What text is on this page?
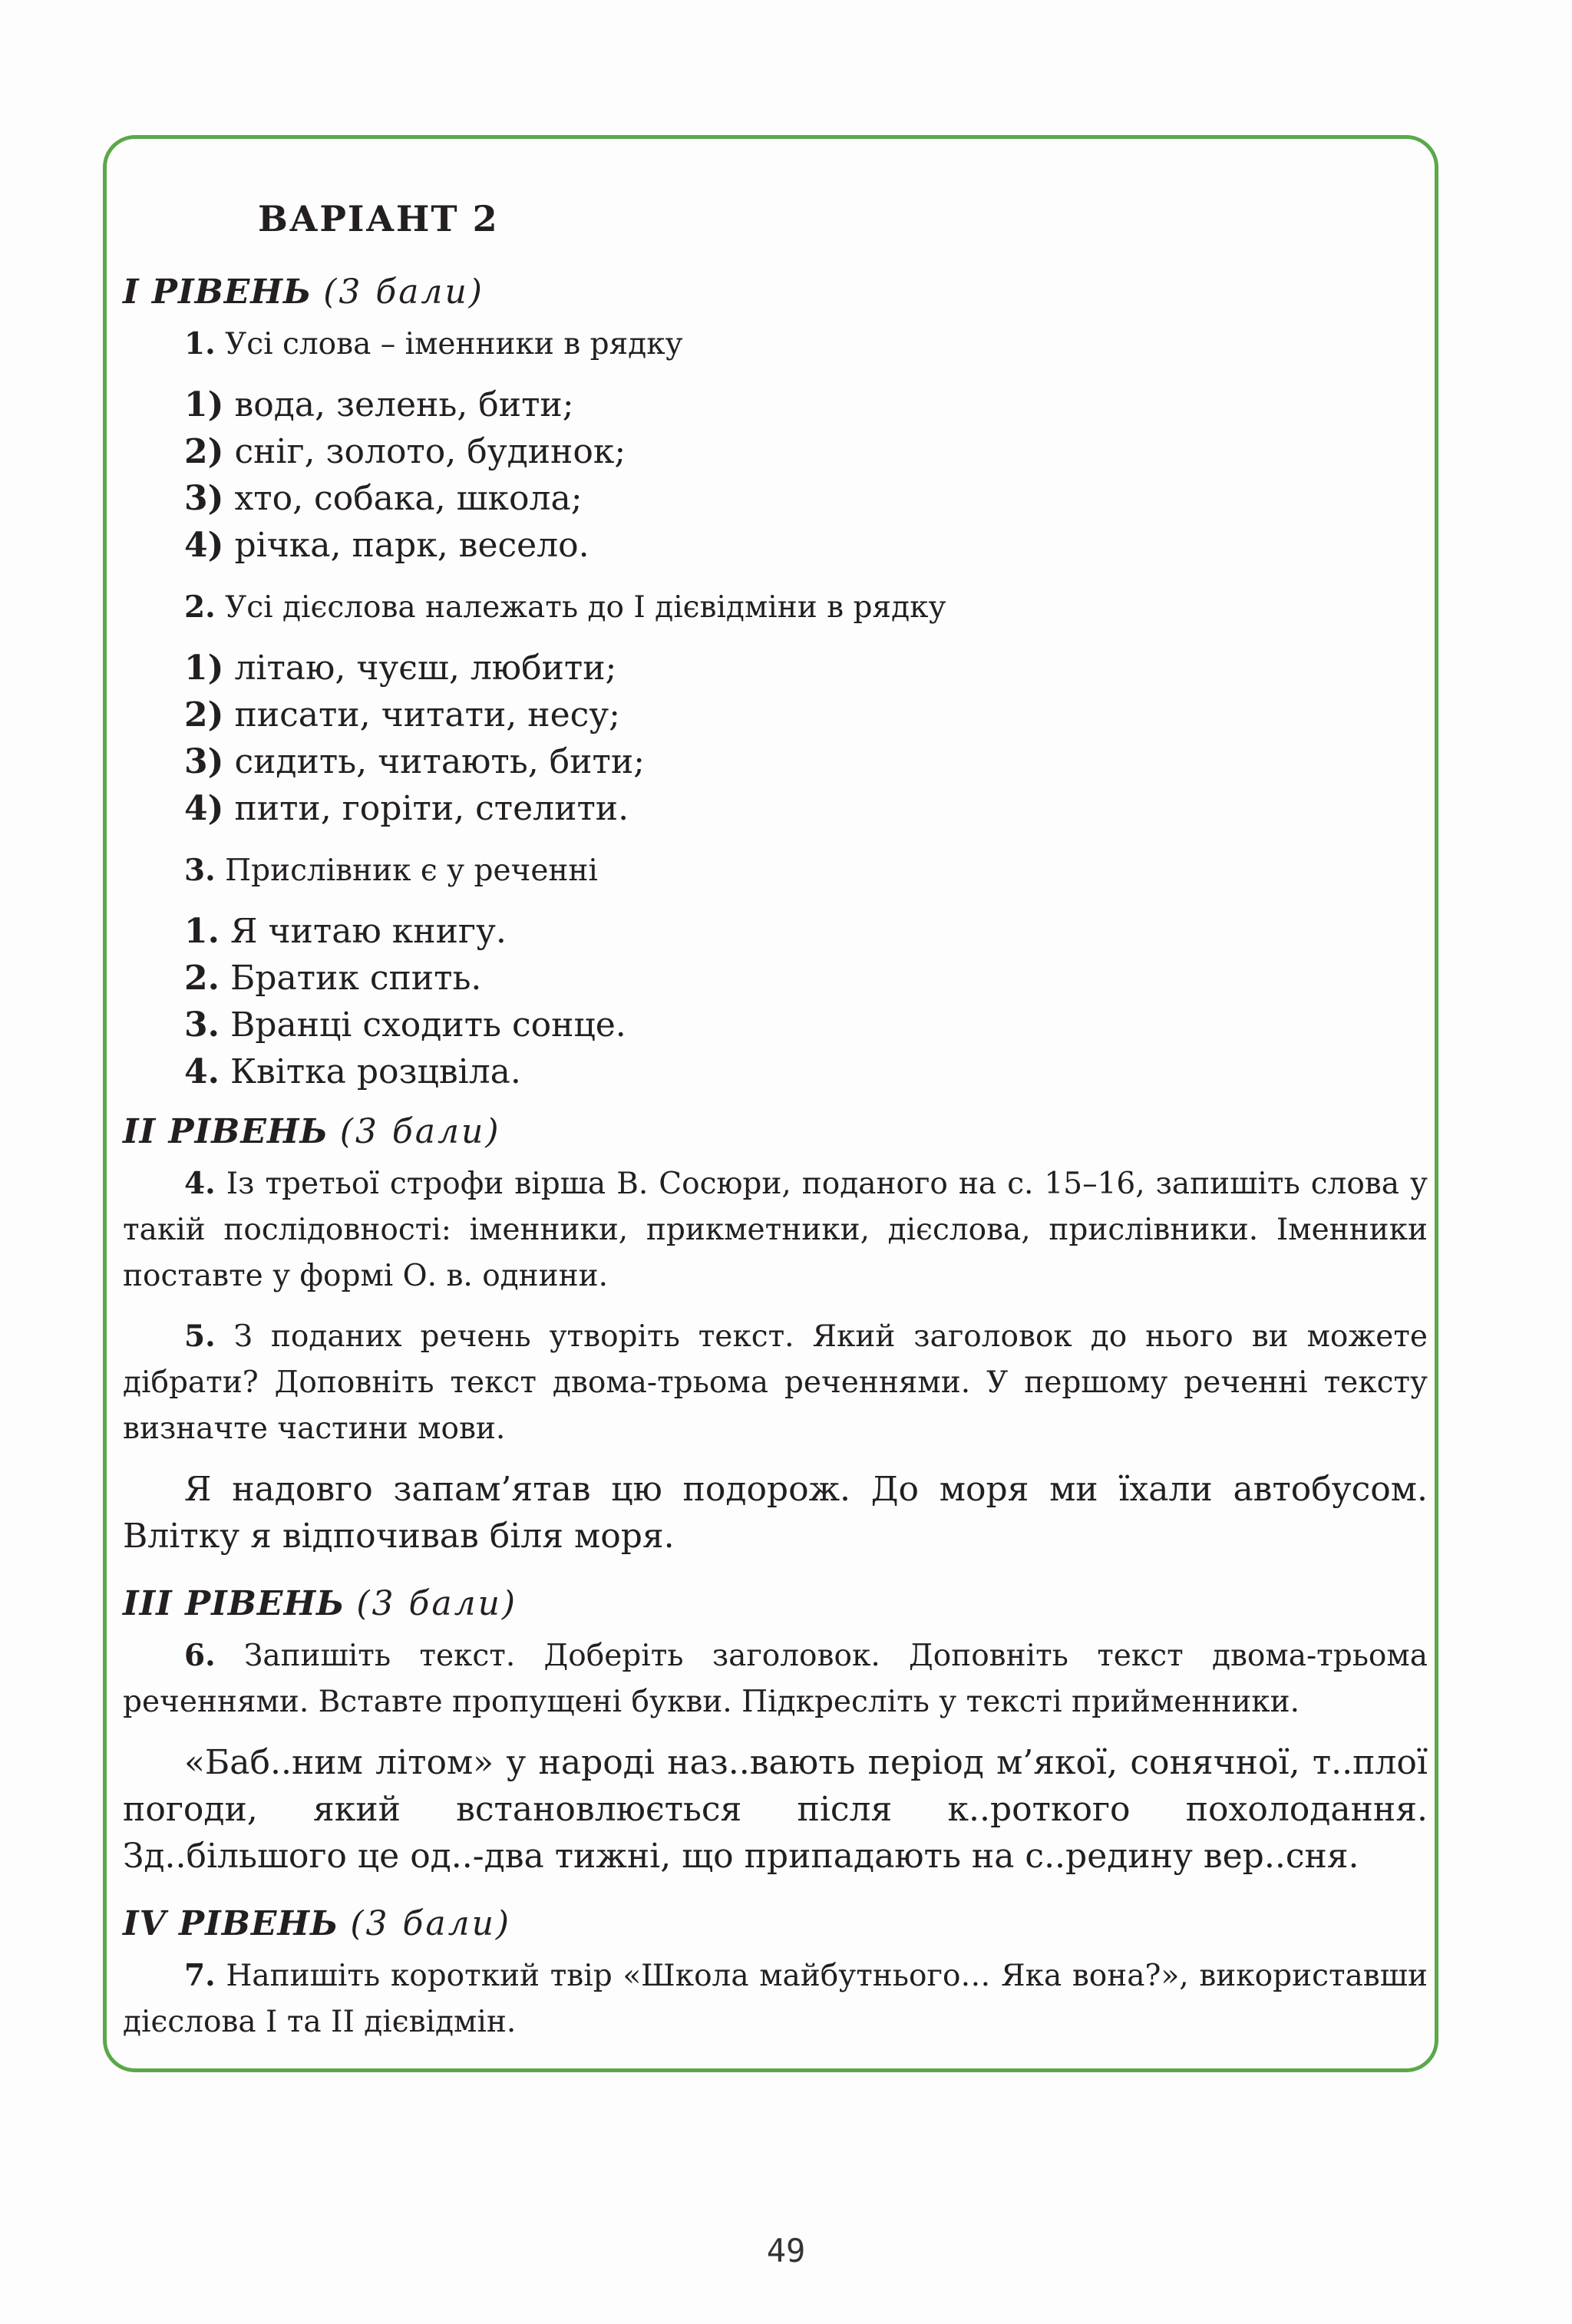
ВАРІАНТ 2
I РІВЕНЬ (3 бали)

1. Усі слова – іменники в рядку

1) вода, зелень, бити;
2) сніг, золото, будинок;
3) хто, собака, школа;
4) річка, парк, весело.

2. Усі дієслова належать до І дієвідміни в рядку

1) літаю, чуєш, любити;
2) писати, читати, несу;
3) сидить, читають, бити;
4) пити, горіти, стелити.

3. Прислівник є у реченні

1. Я читаю книгу.
2. Братик спить.
3. Вранці сходить сонце.
4. Квітка розцвіла.
II РІВЕНЬ (3 бали)

4. Із третьої строфи вірша В. Сосюри, поданого на с. 15–16, запишіть слова у такій послідовності: іменники, прикметники, дієслова, прислівники. Іменники поставте у формі О. в. однини.

5. З поданих речень утворіть текст. Який заголовок до нього ви можете дібрати? Доповніть текст двома-трьома реченнями. У першому реченні тексту визначте частини мови.

Я надовго запам’ятав цю подорож. До моря ми їхали автобусом. Влітку я відпочивав біля моря.

III РІВЕНЬ (3 бали)

6. Запишіть текст. Доберіть заголовок. Доповніть текст двома-трьома реченнями. Вставте пропущені букви. Підкресліть у тексті прийменники.

«Баб..ним літом» у народі наз..вають період м’якої, сонячної, т..плої погоди, який встановлюється після к..роткого похолодання. Зд..більшого це од..-два тижні, що припадають на с..редину вер..сня.

IV РІВЕНЬ (3 бали)

7. Напишіть короткий твір «Школа майбутнього… Яка вона?», використавши дієслова І та ІІ дієвідмін.

49
